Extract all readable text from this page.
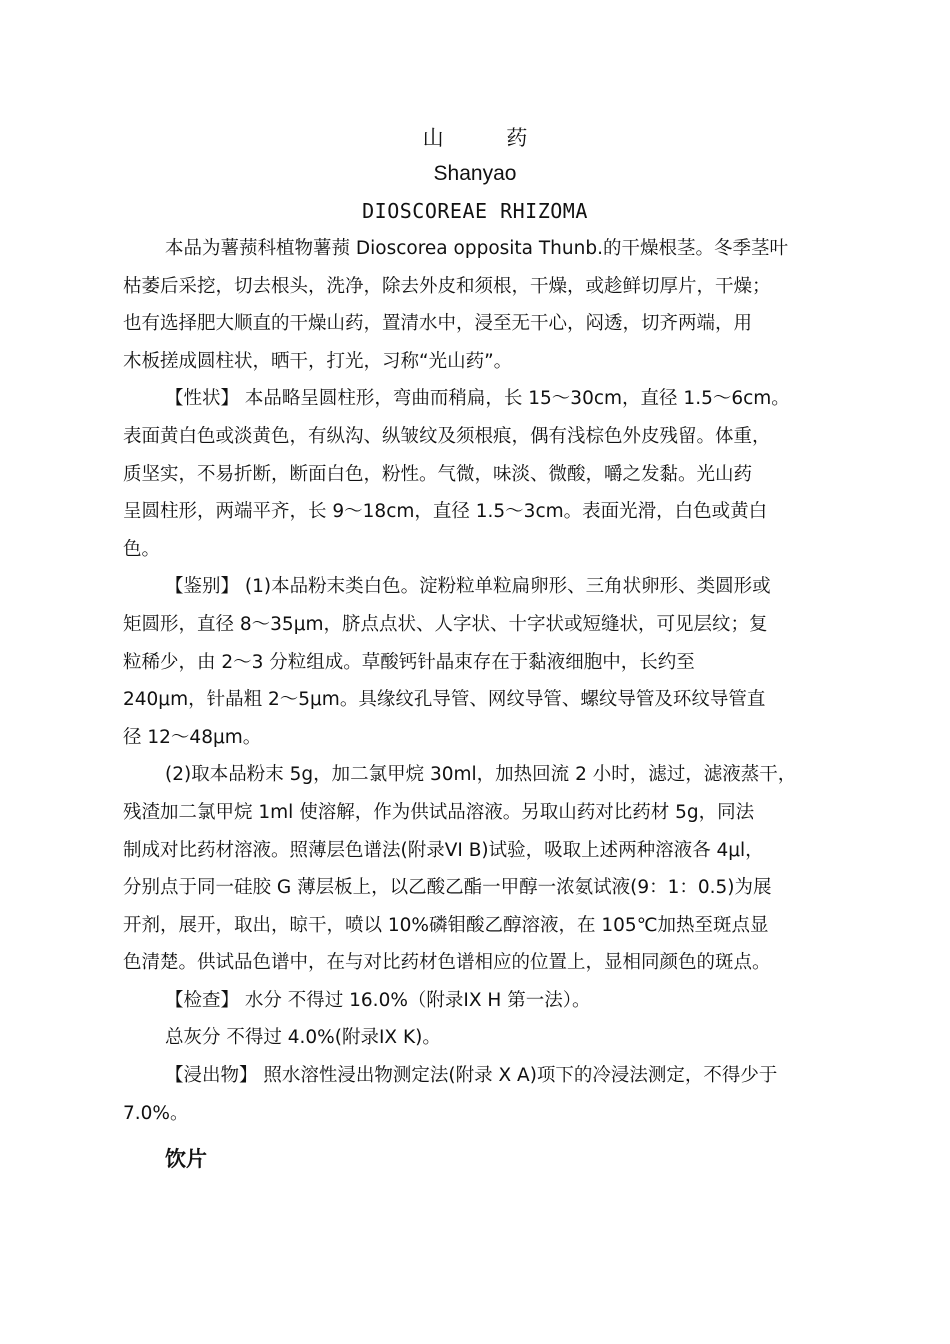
山 药
Shanyao
DIOSCOREAE RHIZOMA

本品为薯蓣科植物薯蓣 Dioscorea opposita Thunb.的干燥根茎。冬季茎叶
枯萎后采挖，切去根头，洗净，除去外皮和须根，干燥，或趁鲜切厚片，干燥；
也有选择肥大顺直的干燥山药，置清水中，浸至无干心，闷透，切齐两端，用
木板搓成圆柱状，晒干，打光，习称“光山药”。

【性状】 本品略呈圆柱形，弯曲而稍扁，长 15～30cm，直径 1.5～6cm。
表面黄白色或淡黄色，有纵沟、纵皱纹及须根痕，偶有浅棕色外皮残留。体重，
质坚实，不易折断，断面白色，粉性。气微，味淡、微酸，嚼之发黏。光山药
呈圆柱形，两端平齐，长 9～18cm，直径 1.5～3cm。表面光滑，白色或黄白
色。

【鉴别】 (1)本品粉末类白色。淀粉粒单粒扁卵形、三角状卵形、类圆形或
矩圆形，直径 8～35μm，脐点点状、人字状、十字状或短缝状，可见层纹；复
粒稀少，由 2～3 分粒组成。草酸钙针晶束存在于黏液细胞中，长约至
240μm，针晶粗 2～5μm。具缘纹孔导管、网纹导管、螺纹导管及环纹导管直
径 12～48μm。

(2)取本品粉末 5g，加二氯甲烷 30ml，加热回流 2 小时，滤过，滤液蒸干，
残渣加二氯甲烷 1ml 使溶解，作为供试品溶液。另取山药对比药材 5g，同法
制成对比药材溶液。照薄层色谱法(附录VI B)试验，吸取上述两种溶液各 4μl，
分别点于同一硅胶 G 薄层板上，以乙酸乙酯一甲醇一浓氨试液(9：1：0.5)为展
开剂，展开，取出，晾干，喷以 10%磷钼酸乙醇溶液，在 105℃加热至斑点显
色清楚。供试品色谱中，在与对比药材色谱相应的位置上，显相同颜色的斑点。

【检查】 水分 不得过 16.0%（附录IX H 第一法）。

总灰分 不得过 4.0%(附录IX K)。

【浸出物】 照水溶性浸出物测定法(附录 X A)项下的冷浸法测定，不得少于
7.0%。

饮片
